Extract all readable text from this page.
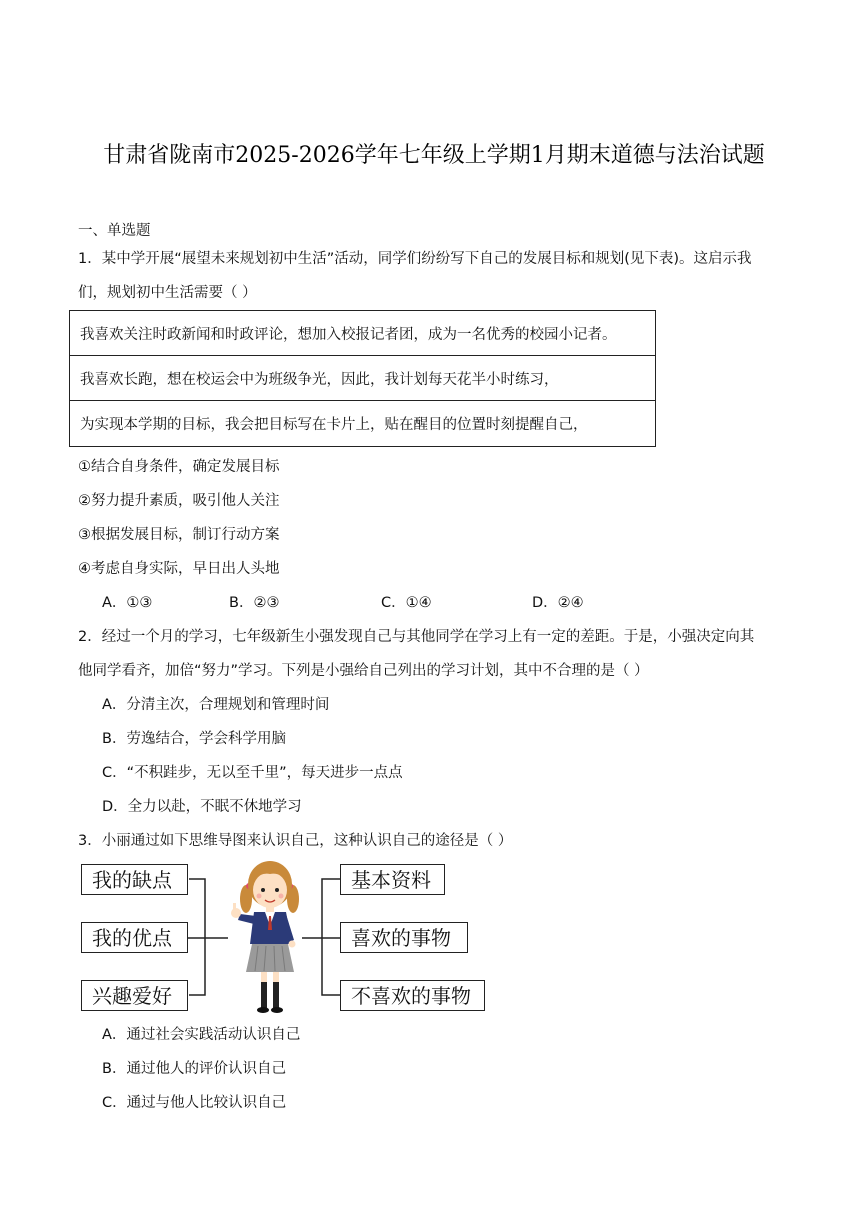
甘肃省陇南市2025-2026学年七年级上学期1月期末道德与法治试题
一、单选题
1．某中学开展“展望未来规划初中生活”活动，同学们纷纷写下自己的发展目标和规划(见下表)。这启示我
们，规划初中生活需要（ ）
我喜欢关注时政新闻和时政评论，想加入校报记者团，成为一名优秀的校园小记者。
我喜欢长跑，想在校运会中为班级争光，因此，我计划每天花半小时练习，
为实现本学期的目标，我会把目标写在卡片上，贴在醒目的位置时刻提醒自己，
①结合自身条件，确定发展目标
②努力提升素质，吸引他人关注
③根据发展目标，制订行动方案
④考虑自身实际，早日出人头地
A．①③	B．②③	C．①④	D．②④
2．经过一个月的学习，七年级新生小强发现自己与其他同学在学习上有一定的差距。于是，小强决定向其
他同学看齐，加倍“努力”学习。下列是小强给自己列出的学习计划，其中不合理的是（ ）
A．分清主次，合理规划和管理时间
B．劳逸结合，学会科学用脑
C．“不积跬步，无以至千里”，每天进步一点点
D．全力以赴，不眠不休地学习
3．小丽通过如下思维导图来认识自己，这种认识自己的途径是（ ）
我的缺点
我的优点
兴趣爱好
基本资料
喜欢的事物
不喜欢的事物
A．通过社会实践活动认识自己
B．通过他人的评价认识自己
C．通过与他人比较认识自己
